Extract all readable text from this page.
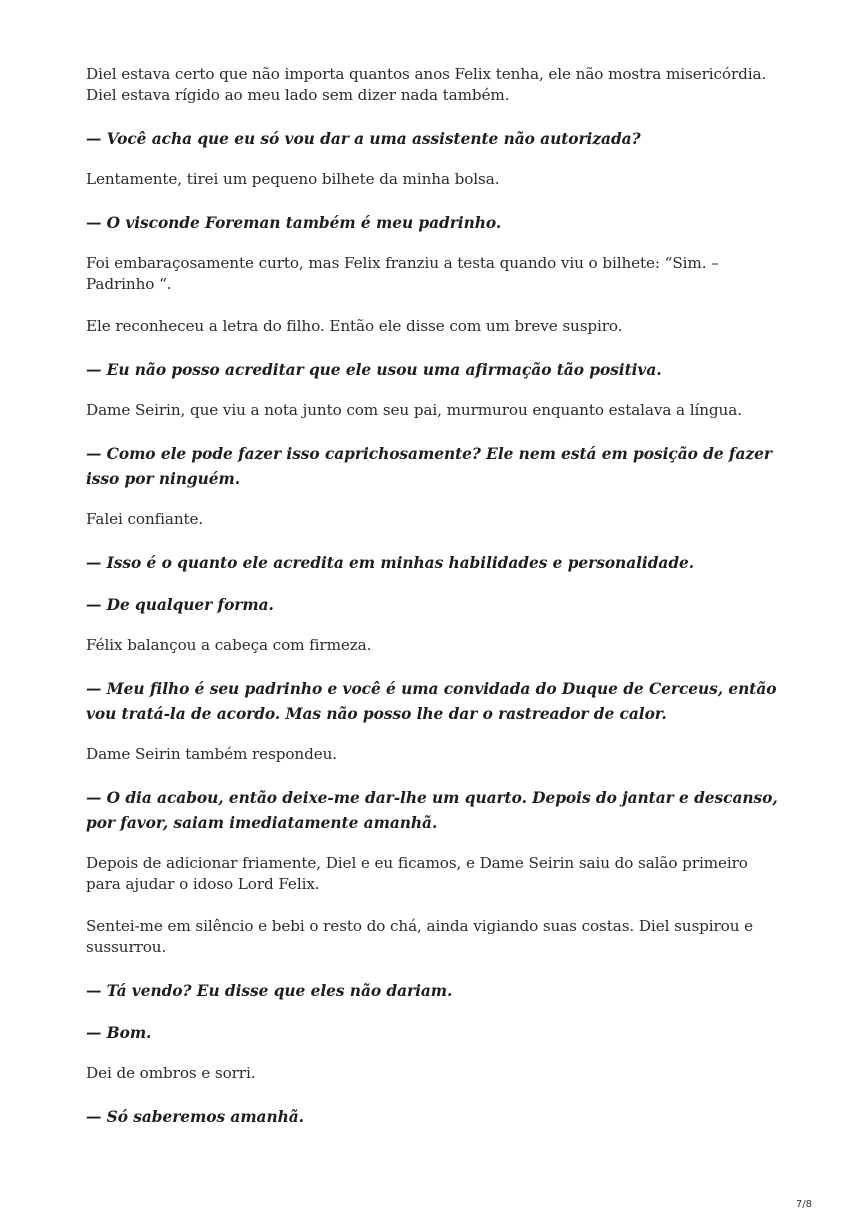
Diel estava certo que não importa quantos anos Felix tenha, ele não mostra misericórdia. Diel estava rígido ao meu lado sem dizer nada também.

— Você acha que eu só vou dar a uma assistente não autorizada?

Lentamente, tirei um pequeno bilhete da minha bolsa.

— O visconde Foreman também é meu padrinho.

Foi embaraçosamente curto, mas Felix franziu a testa quando viu o bilhete: “Sim. – Padrinho “.

Ele reconheceu a letra do filho. Então ele disse com um breve suspiro.

— Eu não posso acreditar que ele usou uma afirmação tão positiva.

Dame Seirin, que viu a nota junto com seu pai, murmurou enquanto estalava a língua.

— Como ele pode fazer isso caprichosamente? Ele nem está em posição de fazer isso por ninguém.

Falei confiante.

— Isso é o quanto ele acredita em minhas habilidades e personalidade.

— De qualquer forma.

Félix balançou a cabeça com firmeza.

— Meu filho é seu padrinho e você é uma convidada do Duque de Cerceus, então vou tratá-la de acordo. Mas não posso lhe dar o rastreador de calor.

Dame Seirin também respondeu.

— O dia acabou, então deixe-me dar-lhe um quarto. Depois do jantar e descanso, por favor, saiam imediatamente amanhã.

Depois de adicionar friamente, Diel e eu ficamos, e Dame Seirin saiu do salão primeiro para ajudar o idoso Lord Felix.

Sentei-me em silêncio e bebi o resto do chá, ainda vigiando suas costas. Diel suspirou e sussurrou.

— Tá vendo? Eu disse que eles não dariam.

— Bom.

Dei de ombros e sorri.

— Só saberemos amanhã.

7/8
